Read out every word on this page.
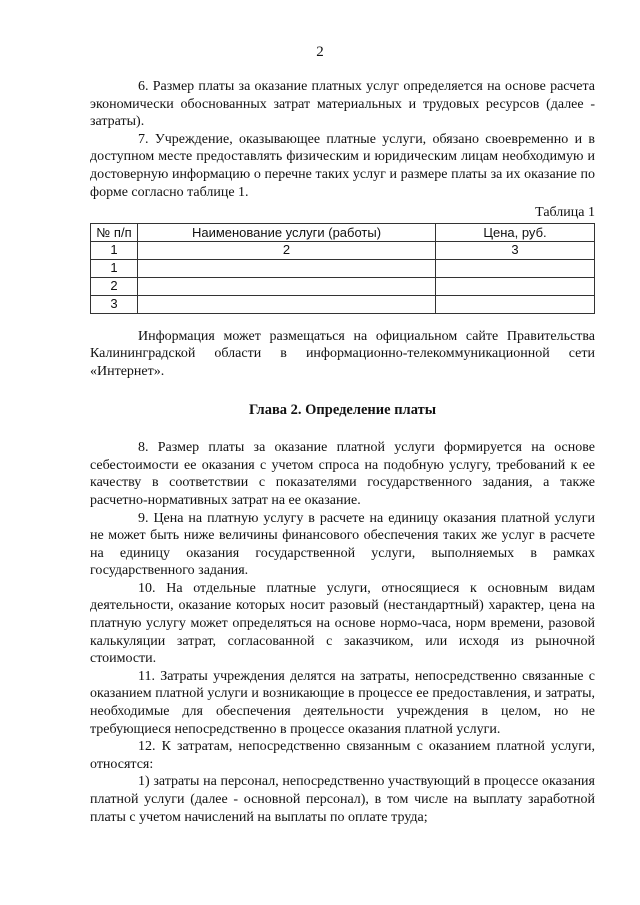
2

6. Размер платы за оказание платных услуг определяется на основе расчета экономически обоснованных затрат материальных и трудовых ресурсов (далее - затраты).

7. Учреждение, оказывающее платные услуги, обязано своевременно и в доступном месте предоставлять физическим и юридическим лицам необходимую и достоверную информацию о перечне таких услуг и размере платы за их оказание по форме согласно таблице 1.

Таблица 1

№ п/п	Наименование услуги (работы)	Цена, руб.
1	2	3
1		
2		
3		

Информация может размещаться на официальном сайте Правительства Калининградской области в информационно-телекоммуникационной сети «Интернет».

Глава 2. Определение платы

8. Размер платы за оказание платной услуги формируется на основе себестоимости ее оказания с учетом спроса на подобную услугу, требований к ее качеству в соответствии с показателями государственного задания, а также расчетно-нормативных затрат на ее оказание.

9. Цена на платную услугу в расчете на единицу оказания платной услуги не может быть ниже величины финансового обеспечения таких же услуг в расчете на единицу оказания государственной услуги, выполняемых в рамках государственного задания.

10. На отдельные платные услуги, относящиеся к основным видам деятельности, оказание которых носит разовый (нестандартный) характер, цена на платную услугу может определяться на основе нормо-часа, норм времени, разовой калькуляции затрат, согласованной с заказчиком, или исходя из рыночной стоимости.

11. Затраты учреждения делятся на затраты, непосредственно связанные с оказанием платной услуги и возникающие в процессе ее предоставления, и затраты, необходимые для обеспечения деятельности учреждения в целом, но не требующиеся непосредственно в процессе оказания платной услуги.

12. К затратам, непосредственно связанным с оказанием платной услуги, относятся:

1) затраты на персонал, непосредственно участвующий в процессе оказания платной услуги (далее - основной персонал), в том числе на выплату заработной платы с учетом начислений на выплаты по оплате труда;
